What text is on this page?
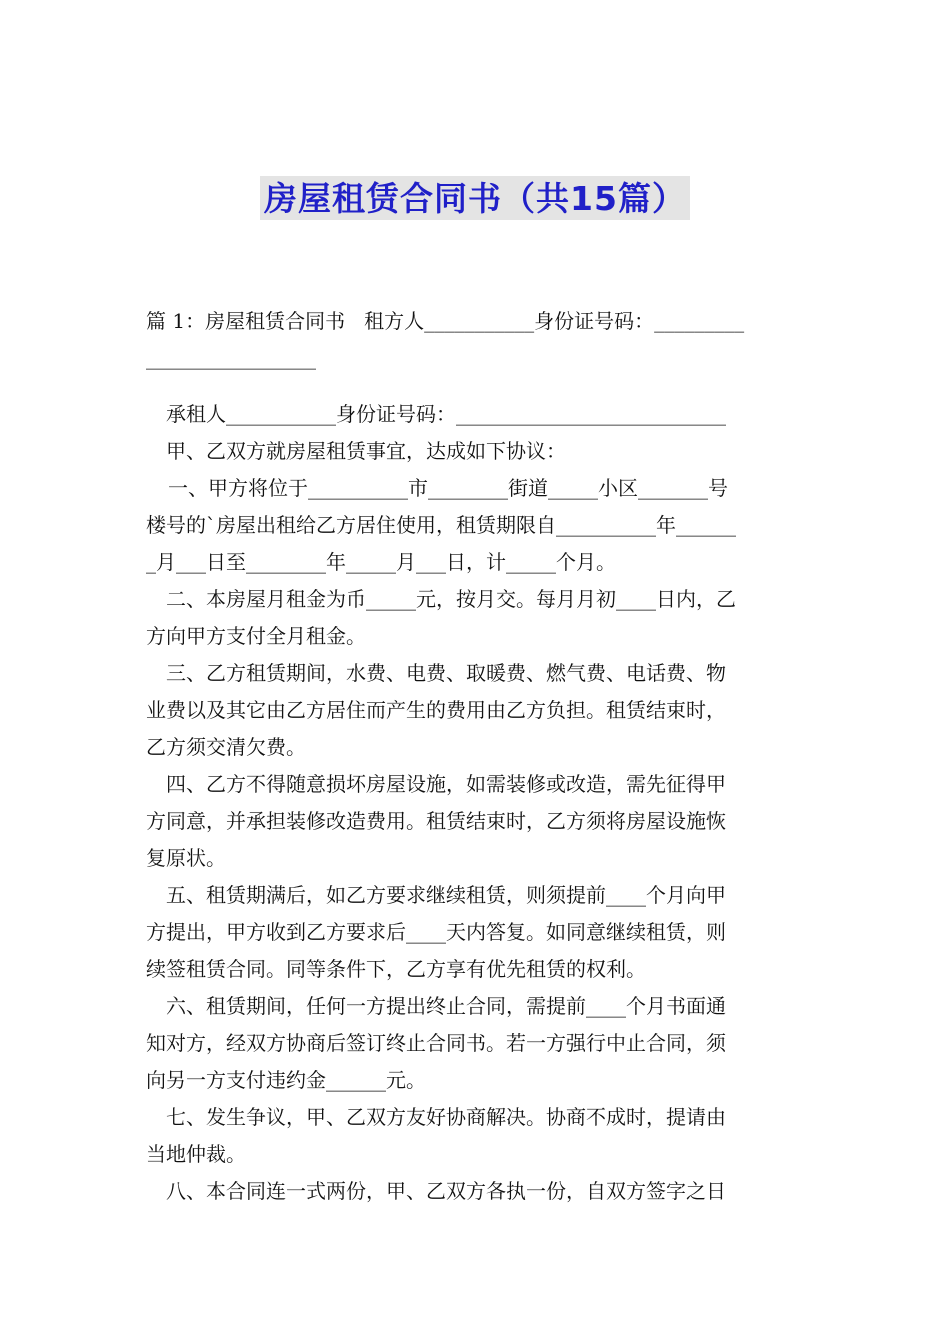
房屋租赁合同书（共15篇）
篇 1：房屋租赁合同书   租方人___________身份证号码：_________
_________________
承租人___________身份证号码：___________________________
甲、乙双方就房屋租赁事宜，达成如下协议：
一、甲方将位于__________市________街道_____小区_______号
楼号的`房屋出租给乙方居住使用，租赁期限自__________年______
_月___日至________年_____月___日，计_____个月。
二、本房屋月租金为币_____元，按月交。每月月初____日内，乙
方向甲方支付全月租金。
三、乙方租赁期间，水费、电费、取暖费、燃气费、电话费、物
业费以及其它由乙方居住而产生的费用由乙方负担。租赁结束时，
乙方须交清欠费。
四、乙方不得随意损坏房屋设施，如需装修或改造，需先征得甲
方同意，并承担装修改造费用。租赁结束时，乙方须将房屋设施恢
复原状。
五、租赁期满后，如乙方要求继续租赁，则须提前____个月向甲
方提出，甲方收到乙方要求后____天内答复。如同意继续租赁，则
续签租赁合同。同等条件下，乙方享有优先租赁的权利。
六、租赁期间，任何一方提出终止合同，需提前____个月书面通
知对方，经双方协商后签订终止合同书。若一方强行中止合同，须
向另一方支付违约金______元。
七、发生争议，甲、乙双方友好协商解决。协商不成时，提请由
当地仲裁。
八、本合同连一式两份，甲、乙双方各执一份，自双方签字之日
